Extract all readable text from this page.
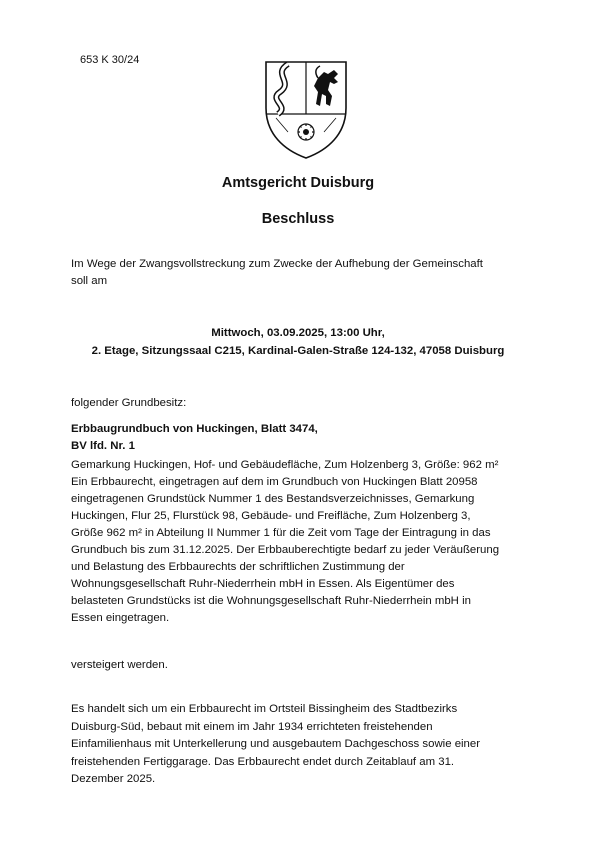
653 K 30/24
Amtsgericht Duisburg
Beschluss
Im Wege der Zwangsvollstreckung zum Zwecke der Aufhebung der Gemeinschaft
soll am
Mittwoch, 03.09.2025, 13:00 Uhr,
2. Etage, Sitzungssaal C215, Kardinal-Galen-Straße 124-132, 47058 Duisburg
folgender Grundbesitz:
Erbbaugrundbuch von Huckingen, Blatt 3474,
BV lfd. Nr. 1
Gemarkung Huckingen, Hof- und Gebäudefläche, Zum Holzenberg 3, Größe: 962 m²
Ein Erbbaurecht, eingetragen auf dem im Grundbuch von Huckingen Blatt 20958
eingetragenen Grundstück Nummer 1 des Bestandsverzeichnisses, Gemarkung
Huckingen, Flur 25, Flurstück 98, Gebäude- und Freifläche, Zum Holzenberg 3,
Größe 962 m² in Abteilung II Nummer 1 für die Zeit vom Tage der Eintragung in das
Grundbuch bis zum 31.12.2025. Der Erbbauberechtigte bedarf zu jeder Veräußerung
und Belastung des Erbbaurechts der schriftlichen Zustimmung der
Wohnungsgesellschaft Ruhr-Niederrhein mbH in Essen. Als Eigentümer des
belasteten Grundstücks ist die Wohnungsgesellschaft Ruhr-Niederrhein mbH in
Essen eingetragen.
versteigert werden.
Es handelt sich um ein Erbbaurecht im Ortsteil Bissingheim des Stadtbezirks
Duisburg-Süd, bebaut mit einem im Jahr 1934 errichteten freistehenden
Einfamilienhaus mit Unterkellerung und ausgebautem Dachgeschoss sowie einer
freistehenden Fertiggarage. Das Erbbaurecht endet durch Zeitablauf am 31.
Dezember 2025.
